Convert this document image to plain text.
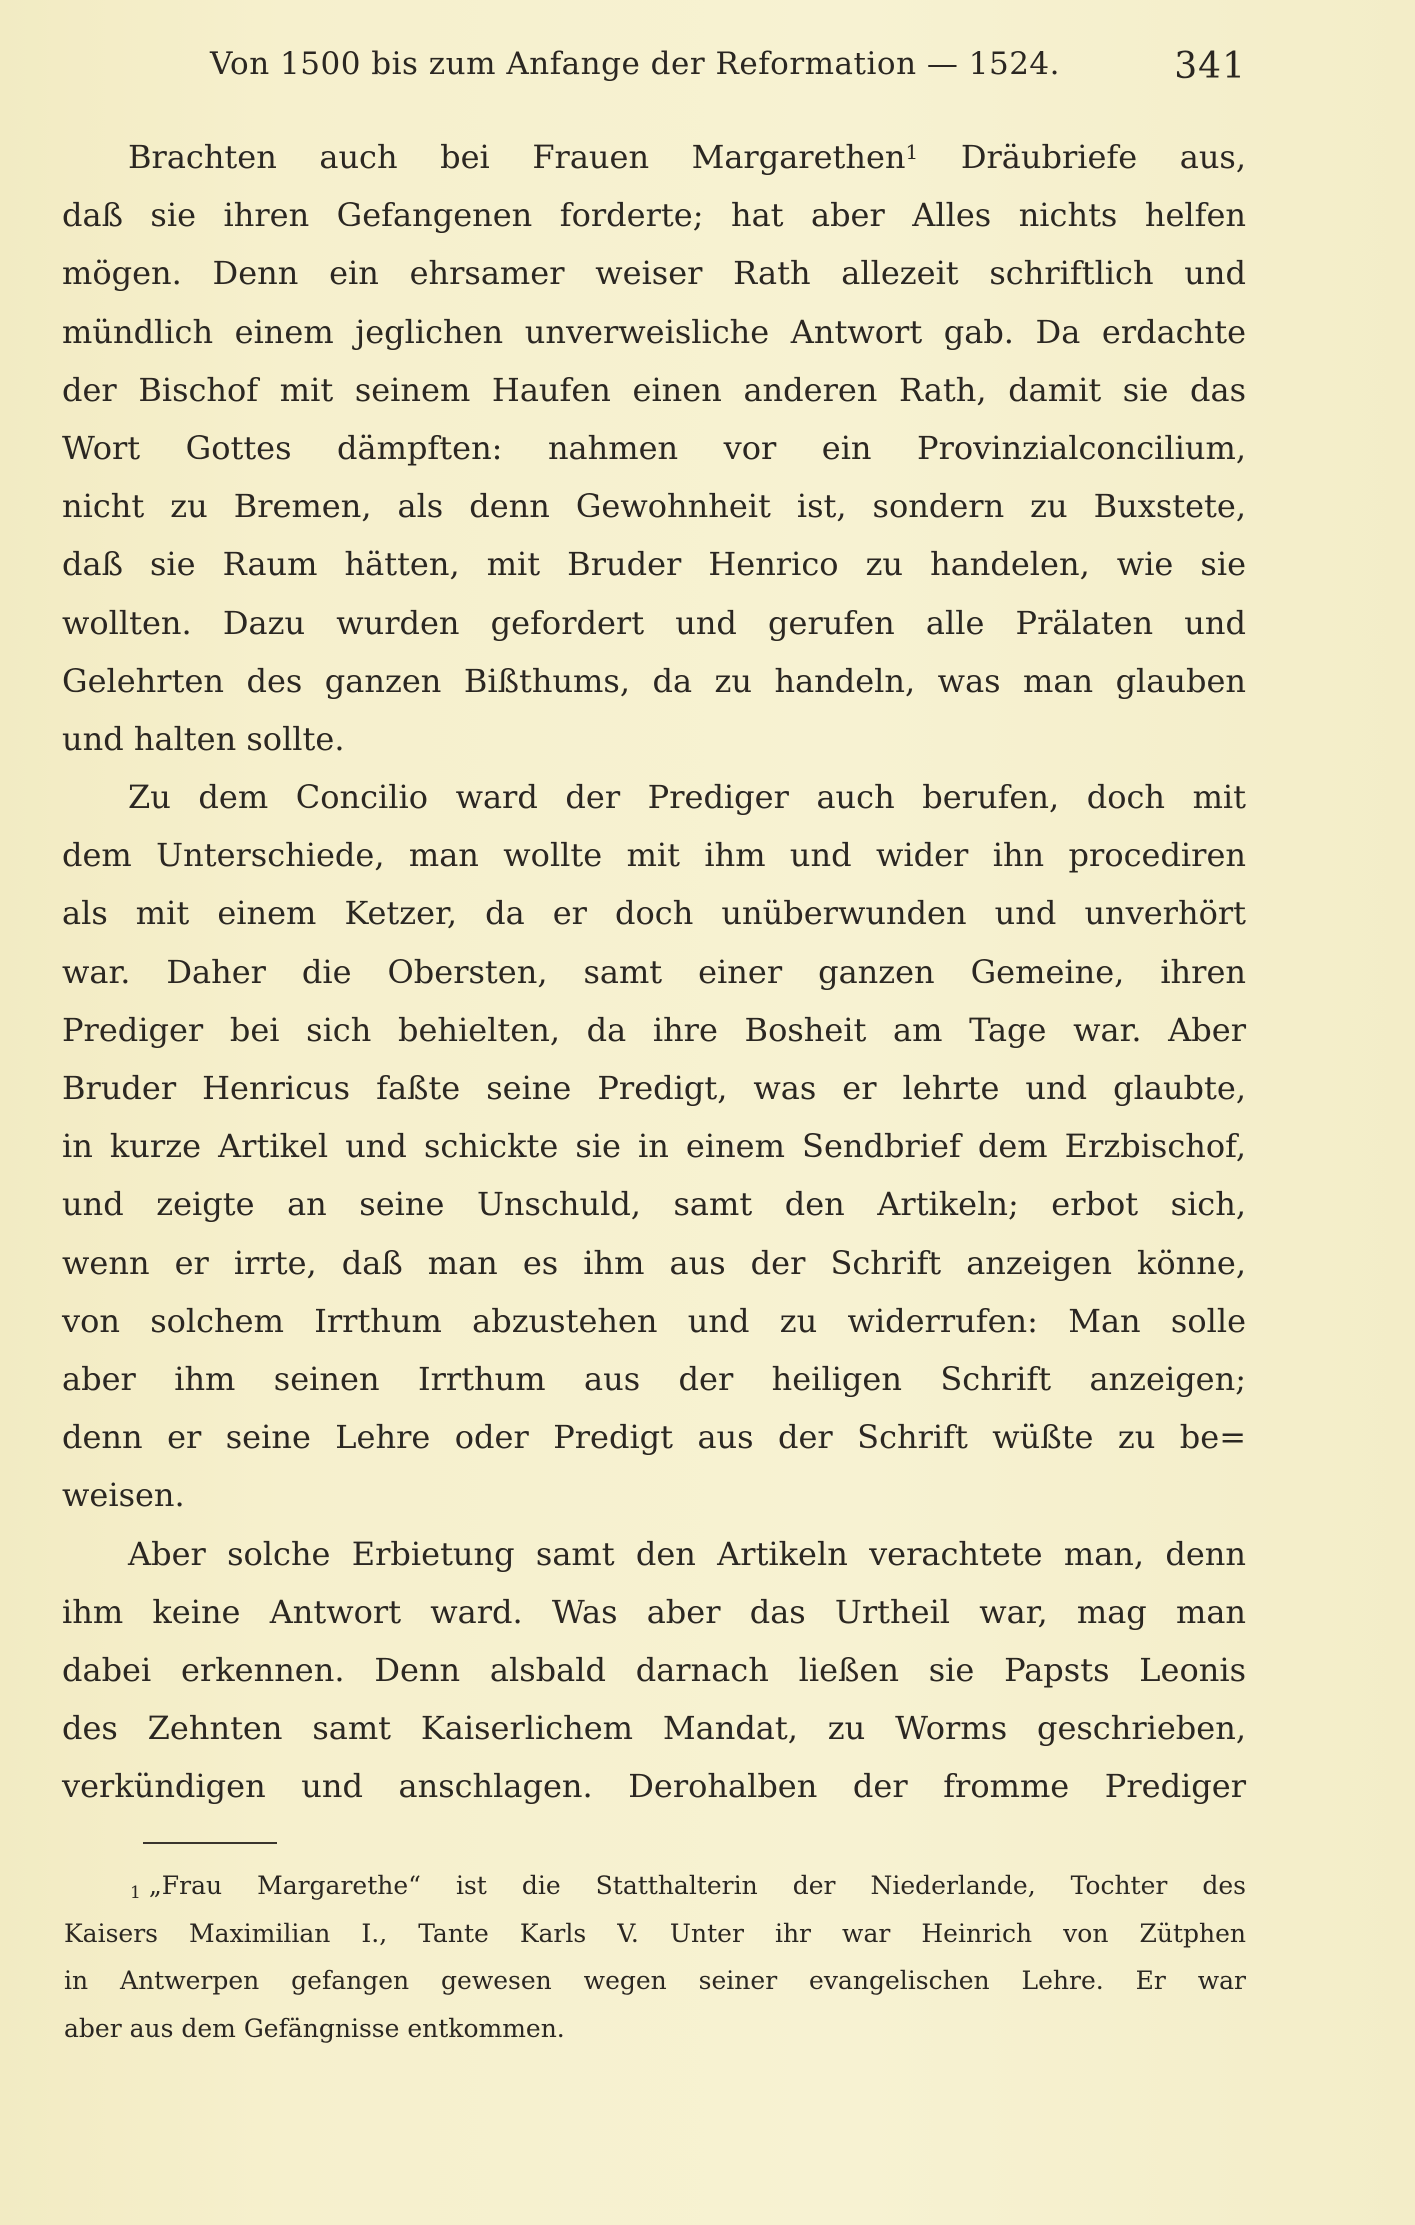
Von 1500 bis zum Anfange der Reformation — 1524.	341
Brachten auch bei Frauen Margarethen$^1$ Dräubriefe aus,
daß sie ihren Gefangenen forderte; hat aber Alles nichts helfen
mögen. Denn ein ehrsamer weiser Rath allezeit schriftlich und
mündlich einem jeglichen unverweisliche Antwort gab. Da erdachte
der Bischof mit seinem Haufen einen anderen Rath, damit sie das
Wort Gottes dämpften: nahmen vor ein Provinzialconcilium,
nicht zu Bremen, als denn Gewohnheit ist, sondern zu Buxstete,
daß sie Raum hätten, mit Bruder Henrico zu handelen, wie sie
wollten. Dazu wurden gefordert und gerufen alle Prälaten und
Gelehrten des ganzen Bißthums, da zu handeln, was man glauben
und halten sollte.
Zu dem Concilio ward der Prediger auch berufen, doch mit
dem Unterschiede, man wollte mit ihm und wider ihn procediren
als mit einem Ketzer, da er doch unüberwunden und unverhört
war. Daher die Obersten, samt einer ganzen Gemeine, ihren
Prediger bei sich behielten, da ihre Bosheit am Tage war. Aber
Bruder Henricus faßte seine Predigt, was er lehrte und glaubte,
in kurze Artikel und schickte sie in einem Sendbrief dem Erzbischof,
und zeigte an seine Unschuld, samt den Artikeln; erbot sich,
wenn er irrte, daß man es ihm aus der Schrift anzeigen könne,
von solchem Irrthum abzustehen und zu widerrufen: Man solle
aber ihm seinen Irrthum aus der heiligen Schrift anzeigen;
denn er seine Lehre oder Predigt aus der Schrift wüßte zu be=
weisen.
Aber solche Erbietung samt den Artikeln verachtete man, denn
ihm keine Antwort ward. Was aber das Urtheil war, mag man
dabei erkennen. Denn alsbald darnach ließen sie Papsts Leonis
des Zehnten samt Kaiserlichem Mandat, zu Worms geschrieben,
verkündigen und anschlagen. Derohalben der fromme Prediger
$^1$ „Frau Margarethe“ ist die Statthalterin der Niederlande, Tochter des
Kaisers Maximilian I., Tante Karls V. Unter ihr war Heinrich von Zütphen
in Antwerpen gefangen gewesen wegen seiner evangelischen Lehre. Er war
aber aus dem Gefängnisse entkommen.
